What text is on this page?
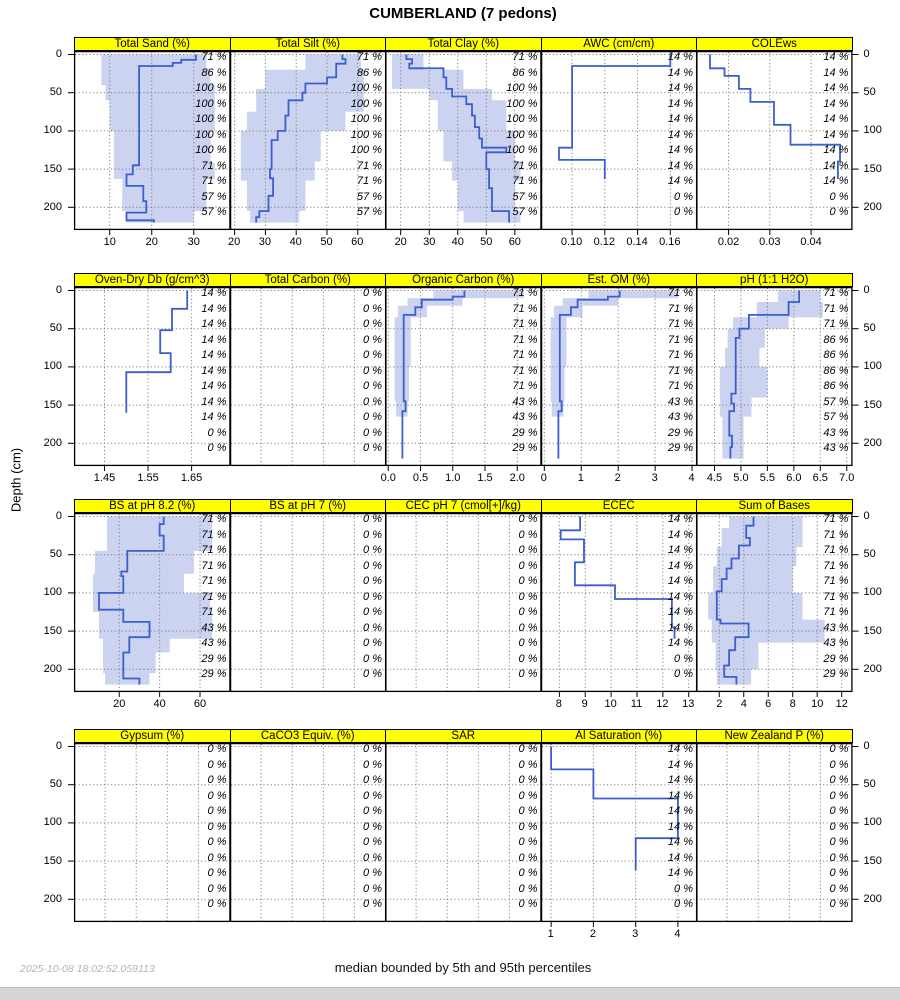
CUMBERLAND (7 pedons)
Depth (cm)
Total Sand (%)
71 %
86 %
100 %
100 %
100 %
100 %
100 %
71 %
71 %
57 %
57 %
10	20	30
Total Silt (%)
71 %
86 %
100 %
100 %
100 %
100 %
100 %
71 %
71 %
57 %
57 %
20 30 40 50 60
Total Clay (%)
71 %
86 %
100 %
100 %
100 %
100 %
100 %
71 %
71 %
57 %
57 %
20 30 40 50 60
AWC (cm/cm)
14 %
14 %
14 %
14 %
14 %
14 %
14 %
14 %
14 %
0 %
0 %
0.10 0.12 0.14 0.16
COLEws
14 %
14 %
14 %
14 %
14 %
14 %
14 %
14 %
14 %
0 %
0 %
0.02 0.03 0.04
0	0
50	50
100	100
150	150
200	200
Oven-Dry Db (g/cm^3)
14 %
14 %
14 %
14 %
14 %
14 %
14 %
14 %
14 %
0 %
0 %
1.45 1.55 1.65
Total Carbon (%)
0 %
0 %
0 %
0 %
0 %
0 %
0 %
0 %
0 %
0 %
0 %
Organic Carbon (%)
71 %
71 %
71 %
71 %
71 %
71 %
71 %
43 %
43 %
29 %
29 %
0.0 0.5 1.0 1.5 2.0
Est. OM (%)
71 %
71 %
71 %
71 %
71 %
71 %
71 %
43 %
43 %
29 %
29 %
0	1	2	3	4
pH (1:1 H2O)
71 %
71 %
71 %
86 %
86 %
86 %
86 %
57 %
57 %
43 %
43 %
4.5 5.0 5.5 6.0 6.5 7.0
0	0
50	50
100	100
150	150
200	200
BS at pH 8.2 (%)
71 %
71 %
71 %
71 %
71 %
71 %
71 %
43 %
43 %
29 %
29 %
20	40	60
BS at pH 7 (%)
0 %
0 %
0 %
0 %
0 %
0 %
0 %
0 %
0 %
0 %
0 %
CEC pH 7 (cmol[+]/kg)
0 %
0 %
0 %
0 %
0 %
0 %
0 %
0 %
0 %
0 %
0 %
ECEC
14 %
14 %
14 %
14 %
14 %
14 %
14 %
14 %
14 %
0 %
0 %
8 9 10 11 12 13
Sum of Bases
71 %
71 %
71 %
71 %
71 %
71 %
71 %
43 %
43 %
29 %
29 %
2 4 6 8 10 12
0	0
50	50
100	100
150	150
200	200
Gypsum (%)
0 %
0 %
0 %
0 %
0 %
0 %
0 %
0 %
0 %
0 %
0 %
CaCO3 Equiv. (%)
0 %
0 %
0 %
0 %
0 %
0 %
0 %
0 %
0 %
0 %
0 %
SAR
0 %
0 %
0 %
0 %
0 %
0 %
0 %
0 %
0 %
0 %
0 %
Al Saturation (%)
14 %
14 %
14 %
14 %
14 %
14 %
14 %
14 %
14 %
0 %
0 %
1	2	3	4
New Zealand P (%)
0 %
0 %
0 %
0 %
0 %
0 %
0 %
0 %
0 %
0 %
0 %
0	0
50	50
100	100
150	150
200	200
median bounded by 5th and 95th percentiles
2025-10-08 18:02:52.059113
